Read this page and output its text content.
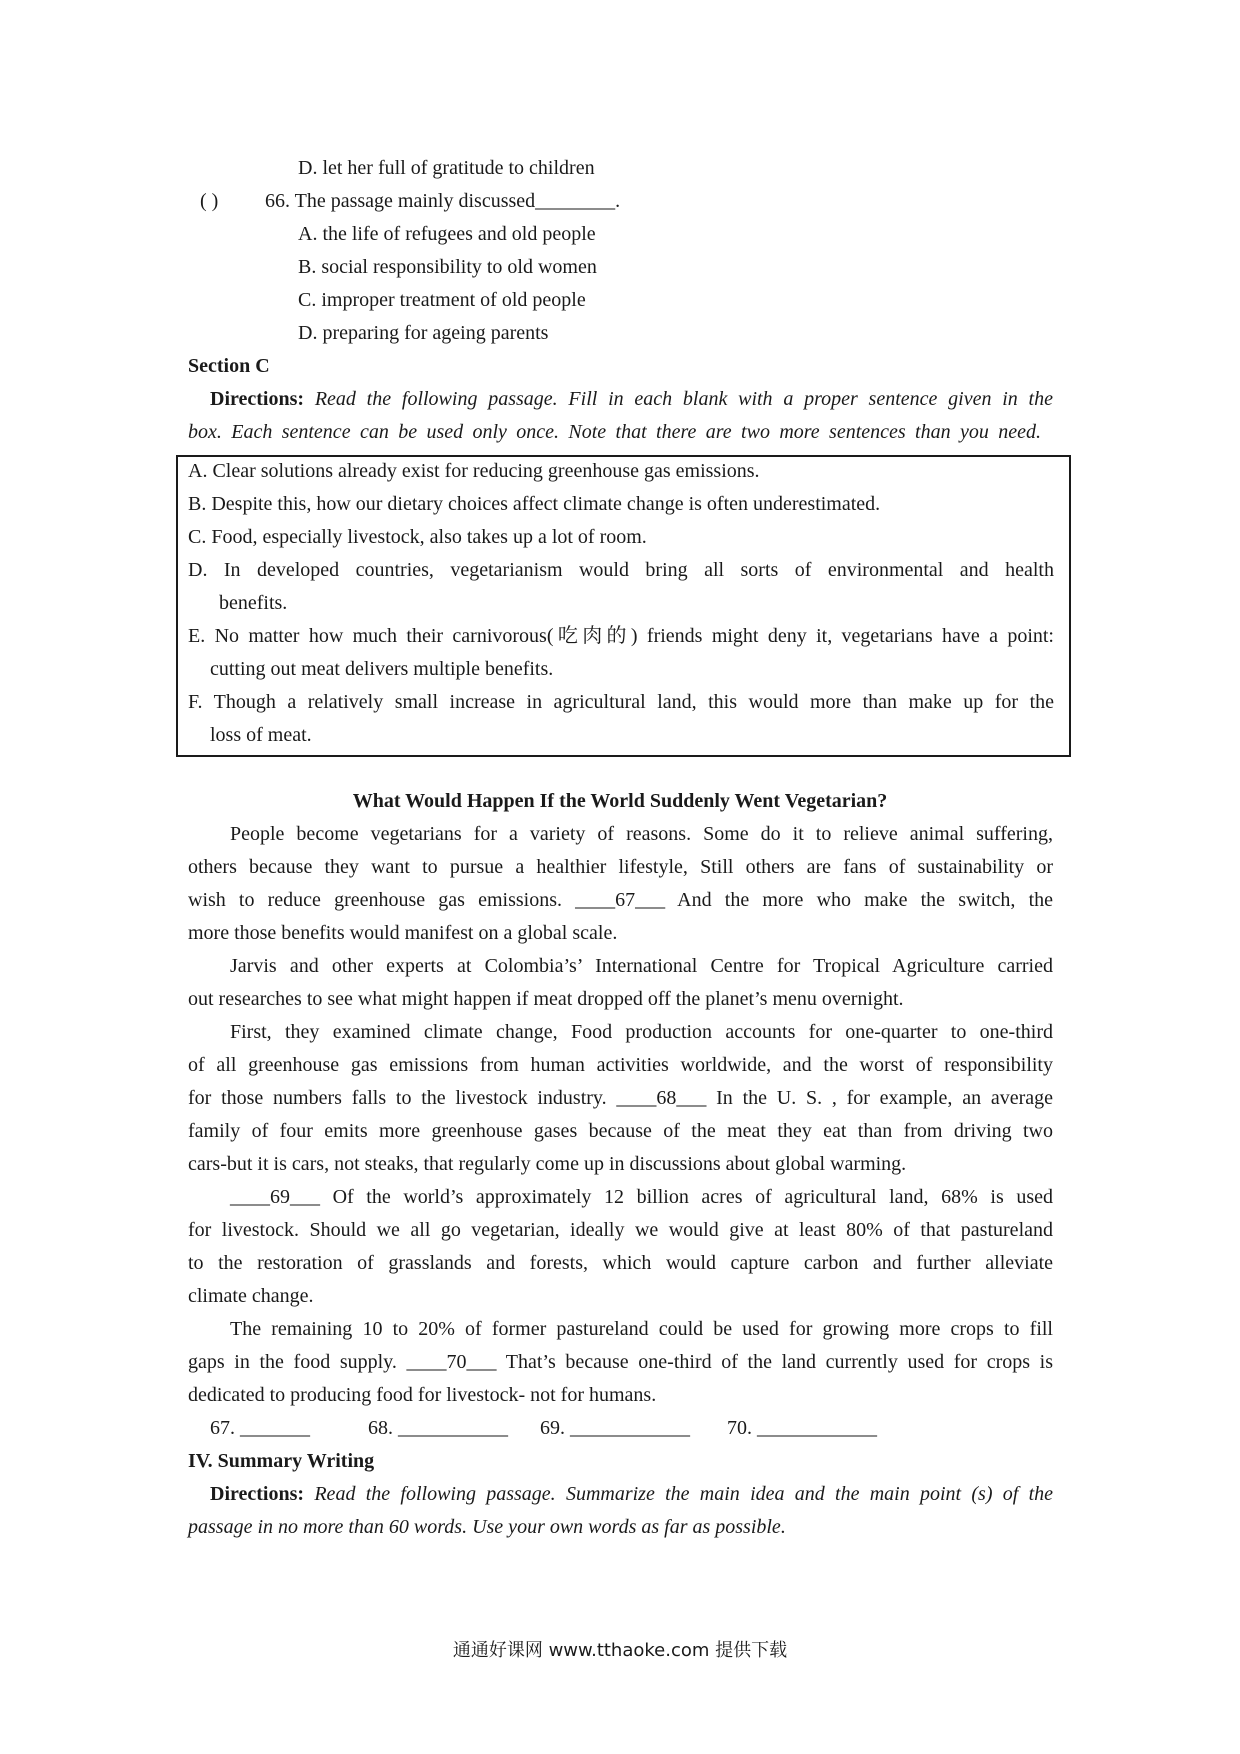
D. let her full of gratitude to children
( ) 66. The passage mainly discussed________.
A. the life of refugees and old people
B. social responsibility to old women
C. improper treatment of old people
D. preparing for ageing parents
Section C
Directions: Read the following passage. Fill in each blank with a proper sentence given in the
box. Each sentence can be used only once. Note that there are two more sentences than you need.
A. Clear solutions already exist for reducing greenhouse gas emissions.
B. Despite this, how our dietary choices affect climate change is often underestimated.
C. Food, especially livestock, also takes up a lot of room.
D. In developed countries, vegetarianism would bring all sorts of environmental and health
benefits.
E. No matter how much their carnivorous(吃肉的) friends might deny it, vegetarians have a point:
cutting out meat delivers multiple benefits.
F. Though a relatively small increase in agricultural land, this would more than make up for the
loss of meat.
What Would Happen If the World Suddenly Went Vegetarian?
People become vegetarians for a variety of reasons. Some do it to relieve animal suffering,
others because they want to pursue a healthier lifestyle, Still others are fans of sustainability or
wish to reduce greenhouse gas emissions. ____67___ And the more who make the switch, the
more those benefits would manifest on a global scale.
Jarvis and other experts at Colombia’s’ International Centre for Tropical Agriculture carried
out researches to see what might happen if meat dropped off the planet’s menu overnight.
First, they examined climate change, Food production accounts for one-quarter to one-third
of all greenhouse gas emissions from human activities worldwide, and the worst of responsibility
for those numbers falls to the livestock industry. ____68___ In the U. S. , for example, an average
family of four emits more greenhouse gases because of the meat they eat than from driving two
cars-but it is cars, not steaks, that regularly come up in discussions about global warming.
____69___ Of the world’s approximately 12 billion acres of agricultural land, 68% is used
for livestock. Should we all go vegetarian, ideally we would give at least 80% of that pastureland
to the restoration of grasslands and forests, which would capture carbon and further alleviate
climate change.
The remaining 10 to 20% of former pastureland could be used for growing more crops to fill
gaps in the food supply. ____70___ That’s because one-third of the land currently used for crops is
dedicated to producing food for livestock- not for humans.
67. _______	68. ___________ 69. ____________ 70. ____________
IV. Summary Writing
Directions: Read the following passage. Summarize the main idea and the main point (s) of the
passage in no more than 60 words. Use your own words as far as possible.
通通好课网 www.tthaoke.com 提供下载
